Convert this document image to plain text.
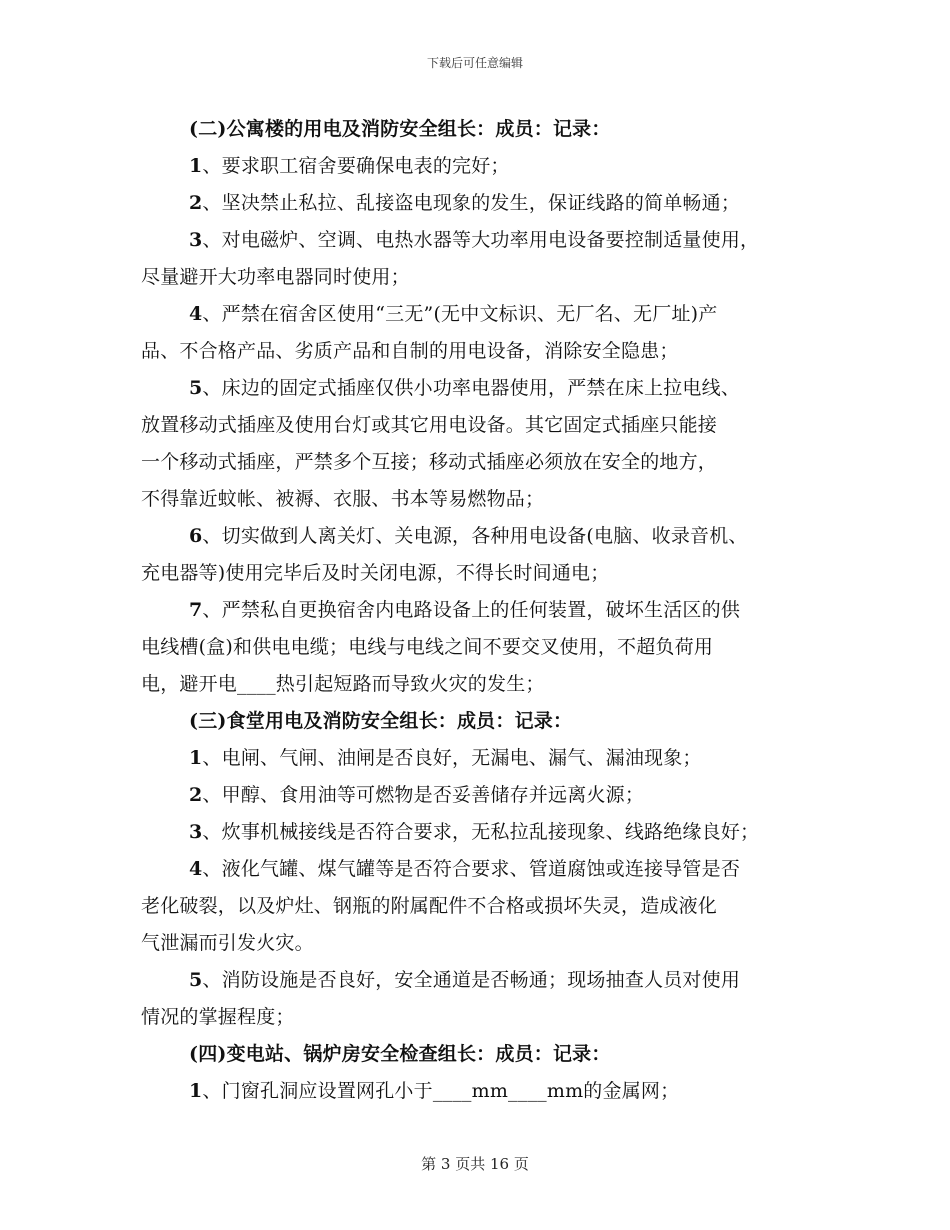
下载后可任意编辑
(二)公寓楼的用电及消防安全组长：成员：记录：
1、要求职工宿舍要确保电表的完好；
2、坚决禁止私拉、乱接盗电现象的发生，保证线路的简单畅通；
3、对电磁炉、空调、电热水器等大功率用电设备要控制适量使用，
尽量避开大功率电器同时使用；
4、严禁在宿舍区使用“三无”(无中文标识、无厂名、无厂址)产
品、不合格产品、劣质产品和自制的用电设备，消除安全隐患；
5、床边的固定式插座仅供小功率电器使用，严禁在床上拉电线、
放置移动式插座及使用台灯或其它用电设备。其它固定式插座只能接
一个移动式插座，严禁多个互接；移动式插座必须放在安全的地方，
不得靠近蚊帐、被褥、衣服、书本等易燃物品；
6、切实做到人离关灯、关电源，各种用电设备(电脑、收录音机、
充电器等)使用完毕后及时关闭电源，不得长时间通电；
7、严禁私自更换宿舍内电路设备上的任何装置，破坏生活区的供
电线槽(盒)和供电电缆；电线与电线之间不要交叉使用，不超负荷用
电，避开电____热引起短路而导致火灾的发生；
(三)食堂用电及消防安全组长：成员：记录：
1、电闸、气闸、油闸是否良好，无漏电、漏气、漏油现象；
2、甲醇、食用油等可燃物是否妥善储存并远离火源；
3、炊事机械接线是否符合要求，无私拉乱接现象、线路绝缘良好；
4、液化气罐、煤气罐等是否符合要求、管道腐蚀或连接导管是否
老化破裂，以及炉灶、钢瓶的附属配件不合格或损坏失灵，造成液化
气泄漏而引发火灾。
5、消防设施是否良好，安全通道是否畅通；现场抽查人员对使用
情况的掌握程度；
(四)变电站、锅炉房安全检查组长：成员：记录：
1、门窗孔洞应设置网孔小于____mm____mm的金属网；
第 3 页共 16 页
